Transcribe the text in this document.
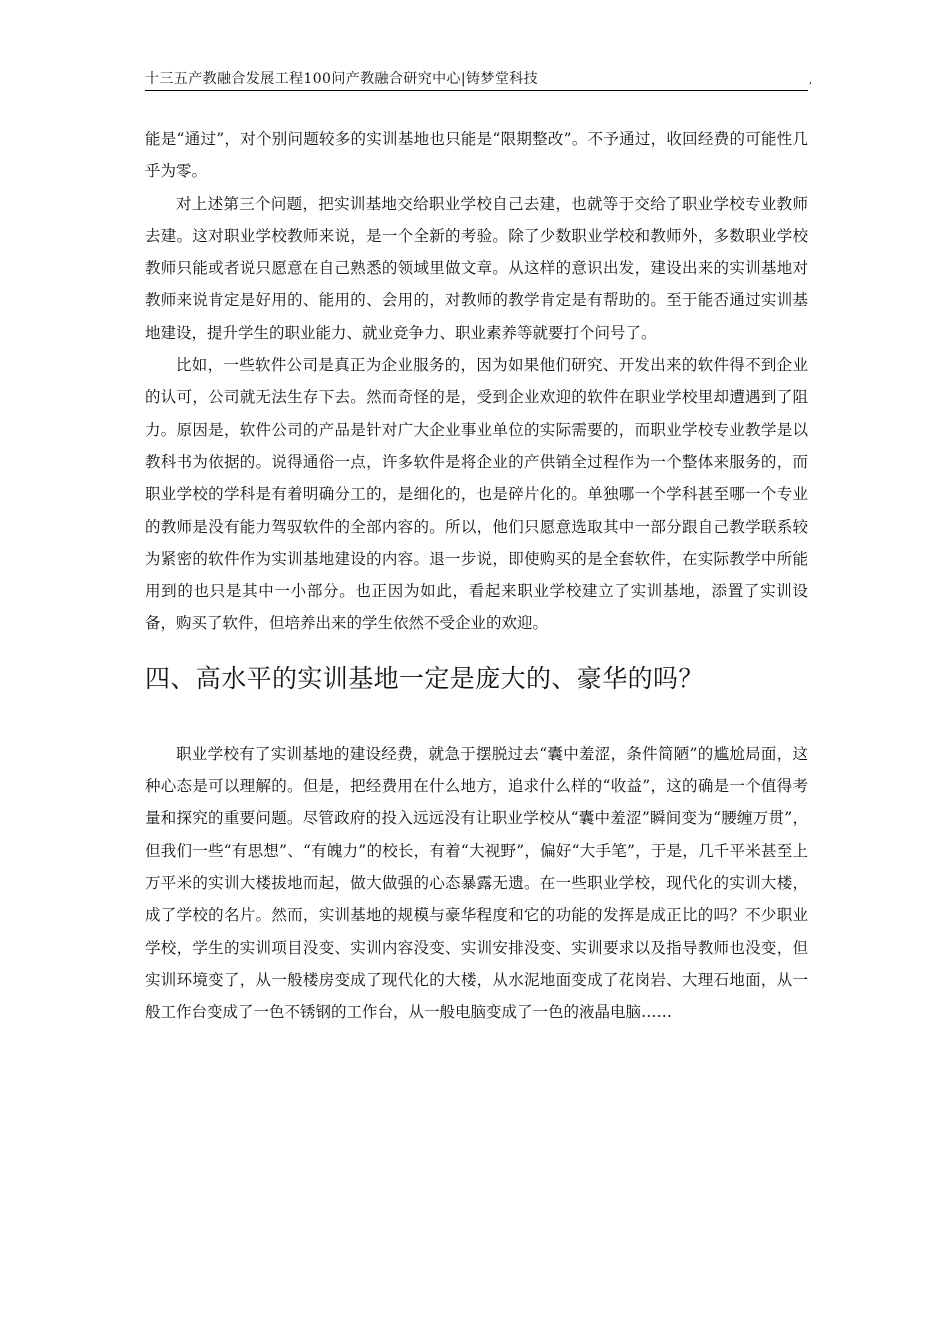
十三五产教融合发展工程100问产教融合研究中心|铸梦堂科技	,

能是“通过”，对个别问题较多的实训基地也只能是“限期整改”。不予通过，收回经费的可能性几乎为零。

对上述第三个问题，把实训基地交给职业学校自己去建，也就等于交给了职业学校专业教师去建。这对职业学校教师来说，是一个全新的考验。除了少数职业学校和教师外，多数职业学校教师只能或者说只愿意在自己熟悉的领域里做文章。从这样的意识出发，建设出来的实训基地对教师来说肯定是好用的、能用的、会用的，对教师的教学肯定是有帮助的。至于能否通过实训基地建设，提升学生的职业能力、就业竞争力、职业素养等就要打个问号了。

比如，一些软件公司是真正为企业服务的，因为如果他们研究、开发出来的软件得不到企业的认可，公司就无法生存下去。然而奇怪的是，受到企业欢迎的软件在职业学校里却遭遇到了阻力。原因是，软件公司的产品是针对广大企业事业单位的实际需要的，而职业学校专业教学是以教科书为依据的。说得通俗一点，许多软件是将企业的产供销全过程作为一个整体来服务的，而职业学校的学科是有着明确分工的，是细化的，也是碎片化的。单独哪一个学科甚至哪一个专业的教师是没有能力驾驭软件的全部内容的。所以，他们只愿意选取其中一部分跟自己教学联系较为紧密的软件作为实训基地建设的内容。退一步说，即使购买的是全套软件，在实际教学中所能用到的也只是其中一小部分。也正因为如此，看起来职业学校建立了实训基地，添置了实训设备，购买了软件，但培养出来的学生依然不受企业的欢迎。

四、高水平的实训基地一定是庞大的、豪华的吗？

职业学校有了实训基地的建设经费，就急于摆脱过去“囊中羞涩，条件简陋”的尴尬局面，这种心态是可以理解的。但是，把经费用在什么地方，追求什么样的“收益”，这的确是一个值得考量和探究的重要问题。尽管政府的投入远远没有让职业学校从“囊中羞涩”瞬间变为“腰缠万贯”，但我们一些“有思想”、“有魄力”的校长，有着“大视野”，偏好“大手笔”，于是，几千平米甚至上万平米的实训大楼拔地而起，做大做强的心态暴露无遗。在一些职业学校，现代化的实训大楼，成了学校的名片。然而，实训基地的规模与豪华程度和它的功能的发挥是成正比的吗？不少职业学校，学生的实训项目没变、实训内容没变、实训安排没变、实训要求以及指导教师也没变，但实训环境变了，从一般楼房变成了现代化的大楼，从水泥地面变成了花岗岩、大理石地面，从一般工作台变成了一色不锈钢的工作台，从一般电脑变成了一色的液晶电脑……
